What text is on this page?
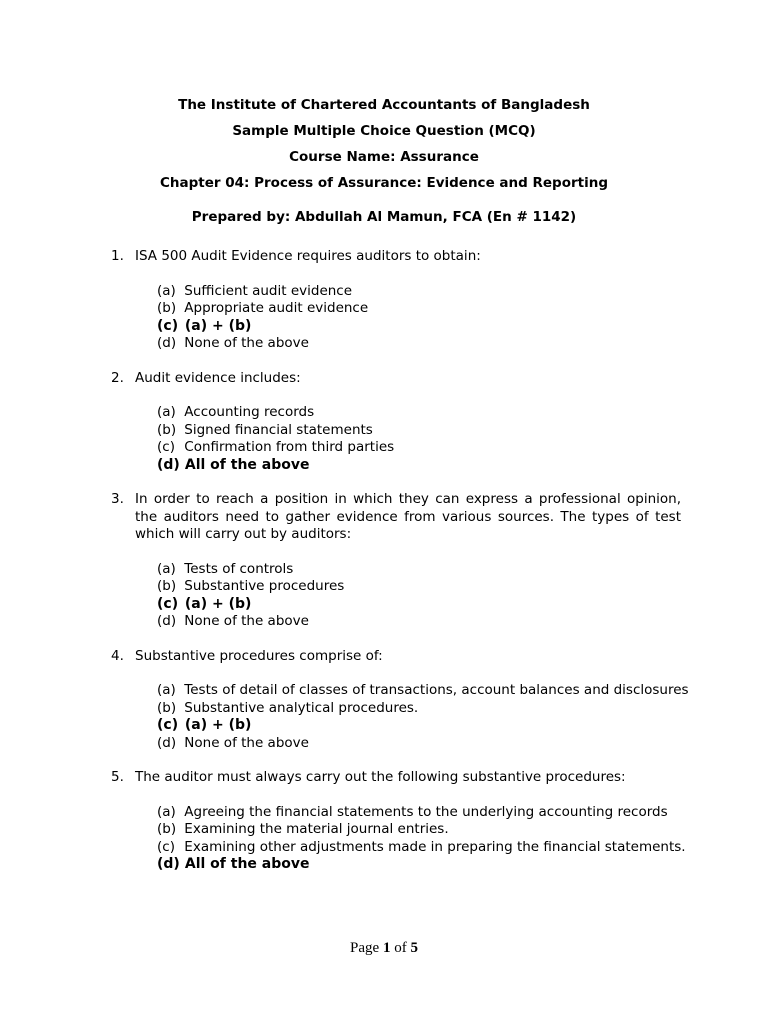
The Institute of Chartered Accountants of Bangladesh
Sample Multiple Choice Question (MCQ)
Course Name: Assurance
Chapter 04: Process of Assurance: Evidence and Reporting
Prepared by: Abdullah Al Mamun, FCA (En # 1142)
1. ISA 500 Audit Evidence requires auditors to obtain:
(a) Sufficient audit evidence
(b) Appropriate audit evidence
(c) (a) + (b)
(d) None of the above
2. Audit evidence includes:
(a) Accounting records
(b) Signed financial statements
(c) Confirmation from third parties
(d) All of the above
3. In order to reach a position in which they can express a professional opinion, the auditors need to gather evidence from various sources. The types of test which will carry out by auditors:
(a) Tests of controls
(b) Substantive procedures
(c) (a) + (b)
(d) None of the above
4. Substantive procedures comprise of:
(a) Tests of detail of classes of transactions, account balances and disclosures
(b) Substantive analytical procedures.
(c) (a) + (b)
(d) None of the above
5. The auditor must always carry out the following substantive procedures:
(a) Agreeing the financial statements to the underlying accounting records
(b) Examining the material journal entries.
(c) Examining other adjustments made in preparing the financial statements.
(d) All of the above
Page 1 of 5
